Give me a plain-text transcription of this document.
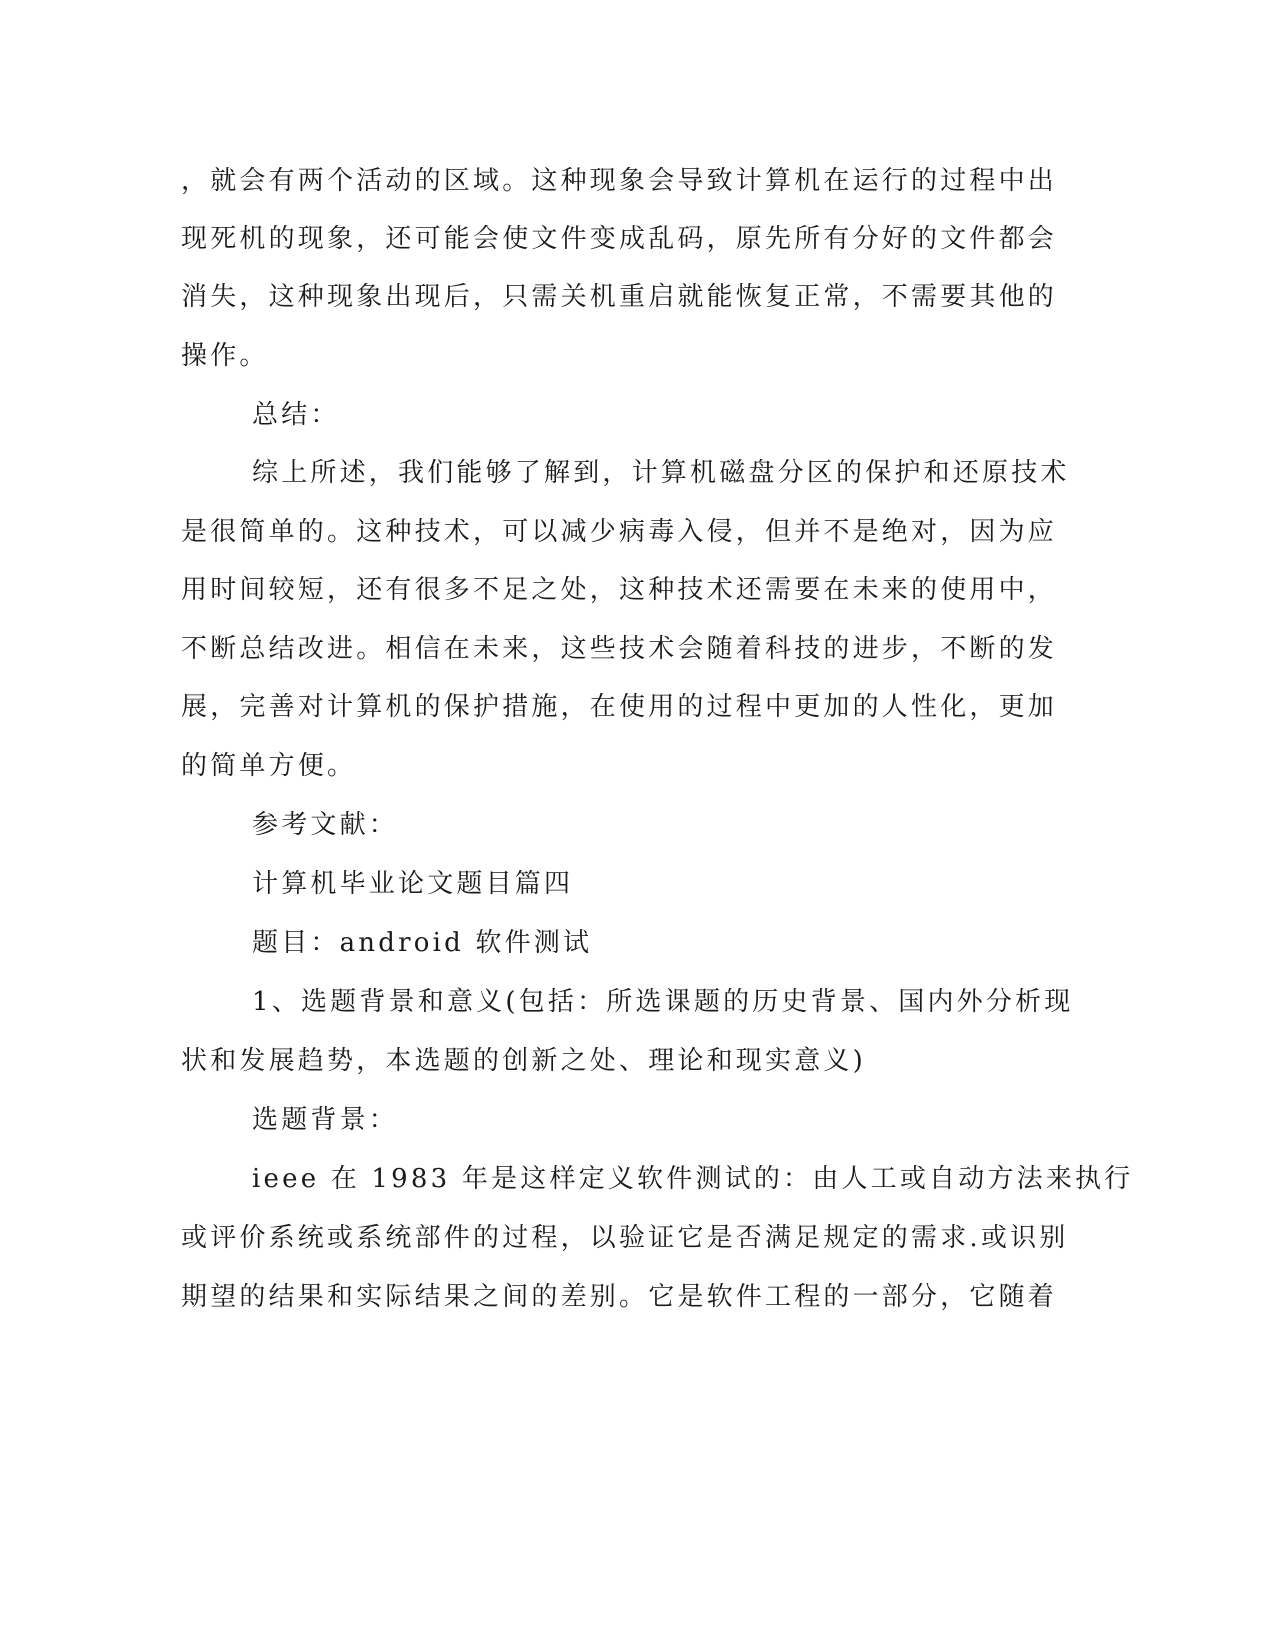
，就会有两个活动的区域。这种现象会导致计算机在运行的过程中出

现死机的现象，还可能会使文件变成乱码，原先所有分好的文件都会

消失，这种现象出现后，只需关机重启就能恢复正常，不需要其他的

操作。

总结：

综上所述，我们能够了解到，计算机磁盘分区的保护和还原技术

是很简单的。这种技术，可以减少病毒入侵，但并不是绝对，因为应

用时间较短，还有很多不足之处，这种技术还需要在未来的使用中，

不断总结改进。相信在未来，这些技术会随着科技的进步，不断的发

展，完善对计算机的保护措施，在使用的过程中更加的人性化，更加

的简单方便。

参考文献：

计算机毕业论文题目篇四

题目：android 软件测试

1、选题背景和意义(包括：所选课题的历史背景、国内外分析现

状和发展趋势，本选题的创新之处、理论和现实意义)

选题背景：

ieee 在 1983 年是这样定义软件测试的：由人工或自动方法来执行

或评价系统或系统部件的过程，以验证它是否满足规定的需求.或识别

期望的结果和实际结果之间的差别。它是软件工程的一部分，它随着
